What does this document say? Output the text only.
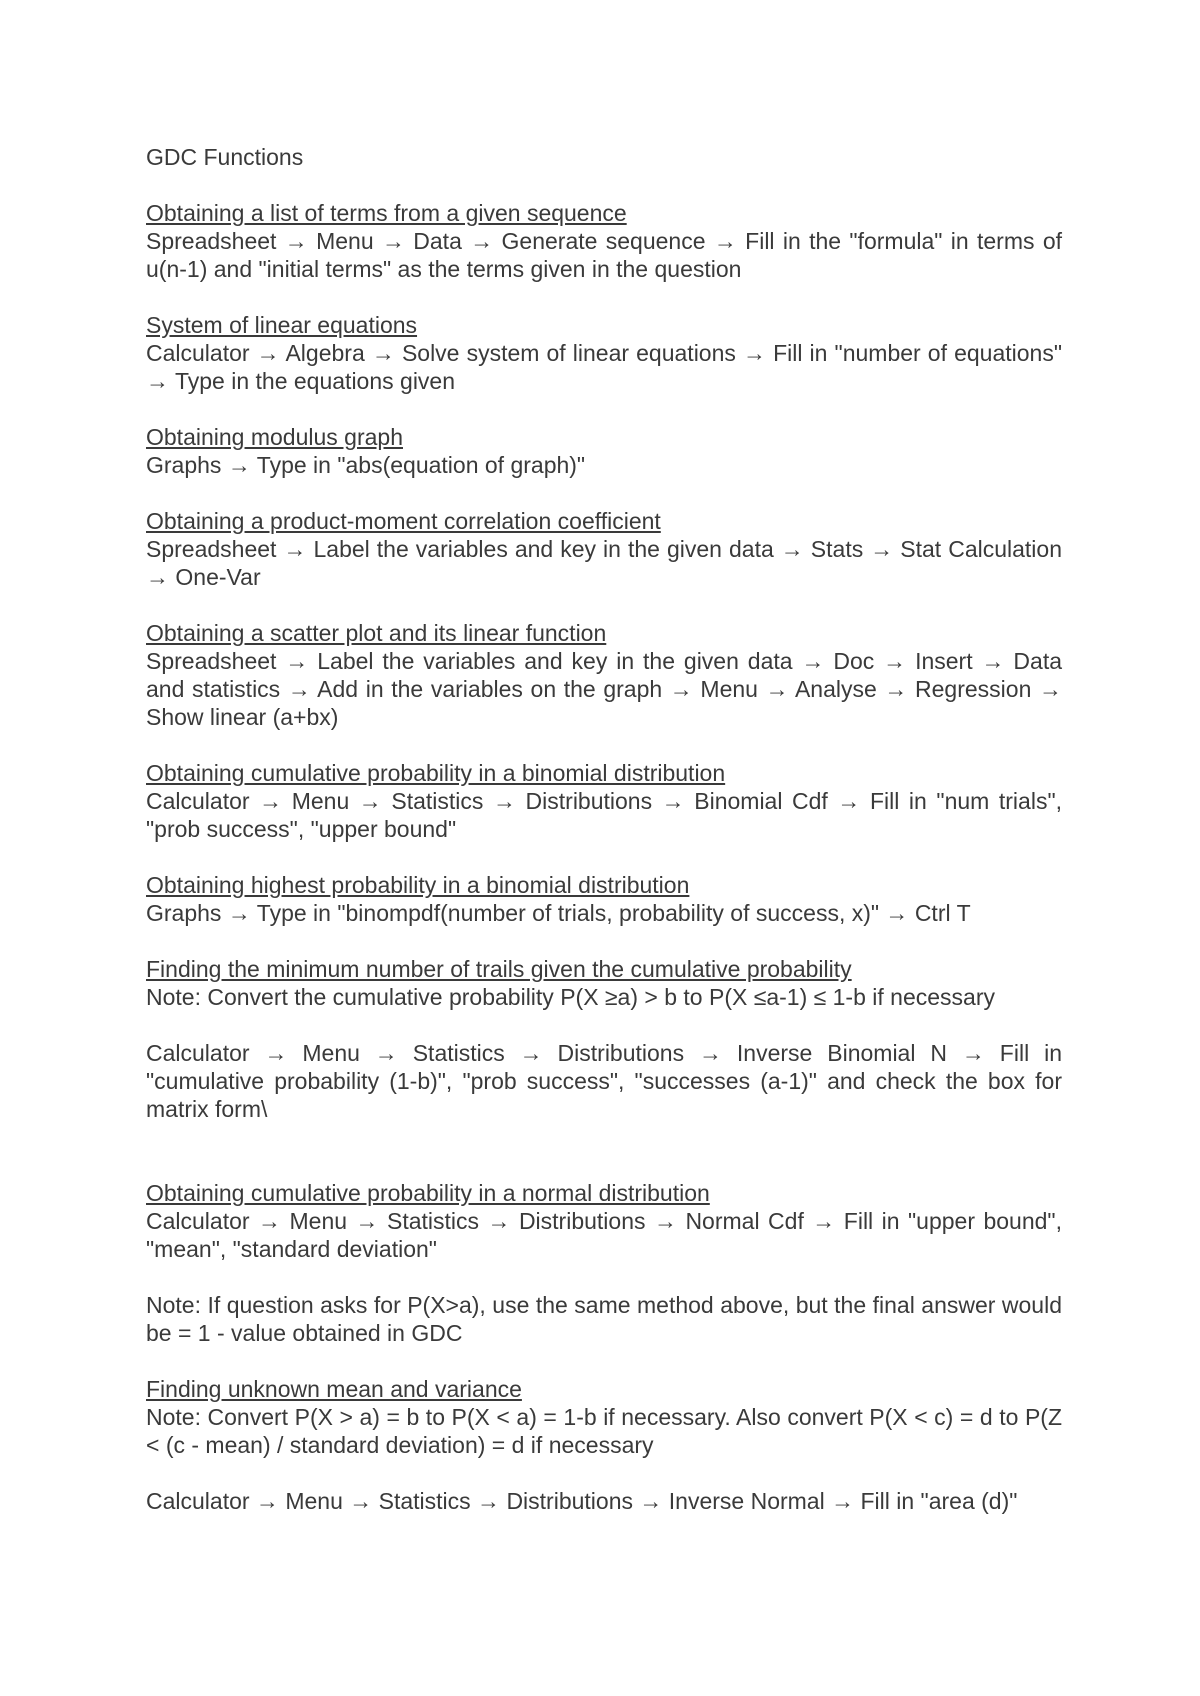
GDC Functions

Obtaining a list of terms from a given sequence

Spreadsheet → Menu → Data → Generate sequence → Fill in the "formula" in terms of u(n-1) and "initial terms" as the terms given in the question

System of linear equations

Calculator → Algebra → Solve system of linear equations → Fill in "number of equations" → Type in the equations given

Obtaining modulus graph

Graphs → Type in "abs(equation of graph)"

Obtaining a product-moment correlation coefficient

Spreadsheet → Label the variables and key in the given data → Stats → Stat Calculation → One-Var

Obtaining a scatter plot and its linear function

Spreadsheet → Label the variables and key in the given data → Doc → Insert → Data and statistics → Add in the variables on the graph → Menu → Analyse → Regression → Show linear (a+bx)

Obtaining cumulative probability in a binomial distribution

Calculator → Menu → Statistics → Distributions → Binomial Cdf → Fill in "num trials", "prob success", "upper bound"

Obtaining highest probability in a binomial distribution

Graphs → Type in "binompdf(number of trials, probability of success, x)" → Ctrl T

Finding the minimum number of trails given the cumulative probability

Note: Convert the cumulative probability P(X ≥a) > b to P(X ≤a-1) ≤ 1-b if necessary

Calculator → Menu → Statistics → Distributions → Inverse Binomial N → Fill in "cumulative probability (1-b)", "prob success", "successes (a-1)" and check the box for matrix form\

Obtaining cumulative probability in a normal distribution

Calculator → Menu → Statistics → Distributions → Normal Cdf → Fill in "upper bound", "mean", "standard deviation"

Note: If question asks for P(X>a), use the same method above, but the final answer would be = 1 - value obtained in GDC

Finding unknown mean and variance

Note: Convert P(X > a) = b to P(X < a) = 1-b if necessary. Also convert P(X < c) = d to P(Z < (c - mean) / standard deviation) = d if necessary

Calculator → Menu → Statistics → Distributions → Inverse Normal → Fill in "area (d)"
